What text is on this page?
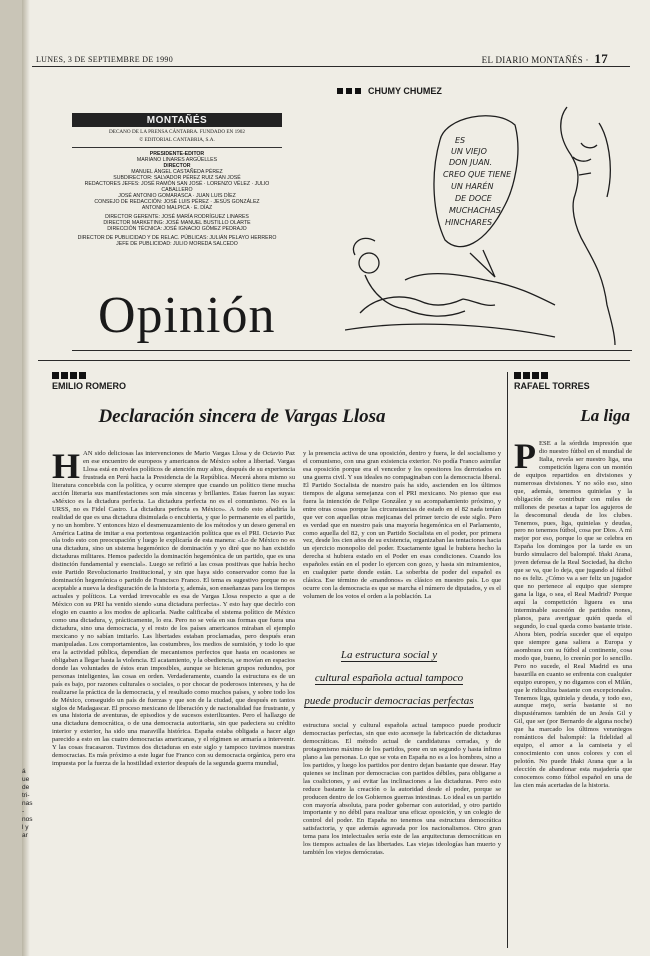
á
ue
de
tri-
nas
-
nos
l y
ar
LUNES, 3 DE SEPTIEMBRE DE 1990	EL DIARIO MONTAÑÉS · 17
MONTAÑÉS
DECANO DE LA PRENSA CÁNTABRA. FUNDADO EN 1902
© EDITORIAL CANTABRIA, S.A.
PRESIDENTE-EDITOR
MARIANO LINARES ARGÜELLES
DIRECTOR
MANUEL ÁNGEL CASTAÑEDA PÉREZ
SUBDIRECTOR: SALVADOR PÉREZ RUIZ SAN JOSÉ
REDACTORES JEFES: JOSÉ RAMÓN SAN JOSÉ · LORENZO VÉLEZ · JULIO CABALLERO
JOSÉ ANTONIO GOMARASCA · JUAN LUIS DÍEZ
CONSEJO DE REDACCIÓN: JOSÉ LUIS PÉREZ · JESÚS GONZÁLEZ
ANTONIO MALPICA · E. DÍAZ
DIRECTOR GERENTE: JOSÉ MARÍA RODRÍGUEZ LINARES
DIRECTOR MARKETING: JOSÉ MANUEL BUSTILLO OLARTE
DIRECCIÓN TÉCNICA: JOSÉ IGNACIO GÓMEZ PEDRAJO
DIRECTOR DE PUBLICIDAD Y DE RELAC. PÚBLICAS: JULIÁN PELAYO HERRERO
JEFE DE PUBLICIDAD: JULIO MOREDA SALCEDO
CHUMY CHUMEZ
ES
UN VIEJO
DON JUAN.
CREO QUE TIENE
UN HARÉN
DE DOCE
MUCHACHAS
HINCHARES.
Opinión
EMILIO ROMERO
Declaración sincera de Vargas Llosa
HAN sido deliciosas las intervenciones de Mario Vargas Llosa y de Octavio Paz en ese encuentro de europeos y americanos de México sobre a libertad. Vargas Llosa está en niveles políticos de atención muy altos, después de su experiencia frustrada en Perú hacia la Presidencia de la República. Mecerá ahora mismo su literatura concebida con la política, y ocurre siempre que cuando un político tiene mucha acción literaria sus manifestaciones son más sinceras y brillantes. Estas fueron las suyas: «México es la dictadura perfecta. La dictadura perfecta no es el comunismo. No es la URSS, no es Fidel Castro. La dictadura perfecta es México». A todo esto añadiría la realidad de que es una dictadura disimulada o encubierta, y que lo permanente es el partido, y no un hombre. Y entonces hizo el desmenuzamiento de los métodos y un deseo general en América Latina de imitar a esa portentosa organización política que es el PRI. Octavio Paz ola todo esto con preocupación y luego le explicaría de esta manera: «Lo de México no es una dictadura, sino un sistema hegemónico de dominación y yo diré que no han existido dictaduras militares. Hemos padecido la dominación hegemónica de un partido, que es una distinción fundamental y esencial». Luego se refirió a las cosas positivas que había hecho este Partido Revolucionario Institucional, y sin que haya sido conservador como fue la dominación hegemónica o partido de Francisco Franco. El tema es sugestivo porque no es aceptable a nueva la desfiguración de la historia y, además, son enseñanzas para los tiempos actuales y políticos. La verdad irrevocable es esa de Vargas Llosa respecto a que a de México con su PRI ha venido siendo «una dictadura perfecta». Y esto hay que decirlo con elogio en cuanto a los modos de aplicarla. Nadie calificaba el sistema político de México como una dictadura, y, prácticamente, lo era. Pero no se veía en sus formas que fuera una dictadura, sino una democracia, y el resto de los países americanos miraban el ejemplo mexicano y no sabían imitarlo. Las libertades estaban proclamadas, pero después eran manipuladas. Los comportamientos, las costumbres, los medios de sumisión, y todo lo que era la actividad pública, dependían de mecanismos perfectos que hasta en ocasiones se obligaban a llegar hasta la violencia. El acatamiento, y la obediencia, se movían en espacios donde las voluntades de éstos eran imposibles, aunque se hicieran grupos redundos, por personas inteligentes, las cosas en orden. Verdaderamente, cuando la estructura es de un país es bajo, por razones culturales o sociales, o por chocar de poderosos intereses, y ha de realizarse la práctica de la democracia, y el resultado como muchos países, y sobre todo los de México, conseguido un país de fuerzas y que son de la ciudad, que después en tantos siglos de Madagascar. El proceso mexicano de liberación y de nacionalidad fue frustrante, y es una historia de aventuras, de episodios y de sucesos esterilizantes. Pero el hallazgo de una dictadura democrática, o de una democracia autoritaria, sin que padeciera su crédito interior y exterior, ha sido una maravilla histórica. España estaba obligada a hacer algo parecido a esto en las cuatro democracias americanas, y el régimen se armaría a intervenir. Y las cosas fracasaron. Tuvimos dos dictaduras en este siglo y tampoco tuvimos nuestras democracias. Es más próximo a este lugar fue Franco con su democracia orgánica, pero era impuesta por la fuerza de la hostilidad exterior después de la segunda guerra mundial,
y la presencia activa de una oposición, dentro y fuera, le del socialismo y el comunismo, con una gran existencia exterior. No podía Franco asimilar esa oposición porque era el vencedor y los opositores los derrotados en una guerra civil. Y sus ideales no compaginaban con la democracia liberal. El Partido Socialista de nuestro país ha sido, ascienden en los últimos tiempos de alguna semejanza con el PRI mexicano. No pienso que esa fuera la intención de Felipe González y su acompañamiento próximo, y entre otras cosas porque las circunstancias de estado en el 82 nada tenían que ver con aquellas otras mejicanas del primer tercio de este siglo. Pero es verdad que en nuestro país una mayoría hegemónica en el Parlamento, como aquella del 82, y con un Partido Socialista en el poder, por primera vez, desde los cien años de su existencia, organizaban las tentaciones hacia un ejercicio monopolio del poder. Exactamente igual le hubiera hecho la derecha si hubiera estado en el Poder en esas condiciones. Cuando los españoles están en el poder lo ejercen con gozo, y hasta sin miramientos, en cualquier parte donde están. La soberbia de poder del español es clásica. Ese término de «mandonos» es clásico en nuestro país. Lo que ocurre con la democracia es que se marcha el número de diputados, y es el volumen de los votos el orden a la población. La
La estructura social y
cultural española actual tampoco
puede producir democracias perfectas
estructura social y cultural española actual tampoco puede producir democracias perfectas, sin que esto aconseje la fabricación de dictaduras democráticas. El método actual de candidaturas cerradas, y de protagonismo máximo de los partidos, pone en un segundo y hasta ínfimo plano a las personas. Lo que se vota en España no es a los hombres, sino a los partidos, y luego los partidos por dentro dejan bastante que desear. Hay quienes se inclinan por democracias con partidos débiles, para obligarse a las coaliciones, y así evitar las inclinaciones a las dictaduras. Pero esto reduce bastante la creación o la autoridad desde el poder, porque se producen dentro de los Gobiernos guerras intestinas. Lo ideal es un partido con mayoría absoluta, para poder gobernar con autoridad, y otro partido importante y no débil para realizar una eficaz oposición, y un colegio de control del poder. En España no tenemos una estructura democrática satisfactoria, y que además agravada por los nacionalismos. Otro gran tema para los intelectuales sería este de las arquitecturas democráticas en los tiempos actuales de las libertades. Las viejas ideologías han muerto y también los viejos demócratas.
RAFAEL TORRES
La liga
PESE a la sórdida impresión que dio nuestro fútbol en el mundial de Italia, revela ser nuestro liga, una competición ligera con un montón de equipos repartidos en divisiones y numerosas divisiones. Y no sólo eso, sino que, además, tenemos quinielas y la obligación de contribuir con miles de millones de pesetas a tapar los agujeros de la descomunal deuda de los clubes. Tenemos, pues, liga, quinielas y deudas, pero no tenemos fútbol, cosa por Dios. A mí mejor por eso, porque lo que se celebra en España los domingos por la tarde es un burdo simulacro del balompié. Iñaki Arana, joven defensa de la Real Sociedad, ha dicho que se va, que lo deja, que jugando al fútbol no es feliz. ¿Cómo va a ser feliz un jugador que no pertenece al equipo que siempre gana la liga, o sea, el Real Madrid? Porque aquí la competición liguera es una interminable sucesión de partidos nones, planos, para averiguar quién queda el segundo, lo cual queda como bastante triste. Ahora bien, podría suceder que el equipo que siempre gana saliera a Europa y asombrara con su fútbol al continente, cosa modo que, bueno, lo creerán por lo sencillo. Pero no sucede, el Real Madrid es una basurilla en cuanto se enfrenta con cualquier equipo europeo, y no digamos con el Milán, que le ridiculiza bastante con excepcionales. Tenemos liga, quiniela y deuda, y todo eso, aunque mejo, sería bastante si no dispusiéramos también de un Jesús Gil y Gil, que ser (por Bernardo de alguna noche) que ha marcado los últimos veraniegos románticos del balompié: la fidelidad al equipo, el amor a la camiseta y el conocimiento con unos colores y con el pelotón. No puede Iñaki Arana que a la elección de abandonar esta majadería que conocemos como fútbol español en una de las cien más acertadas de la historia.
